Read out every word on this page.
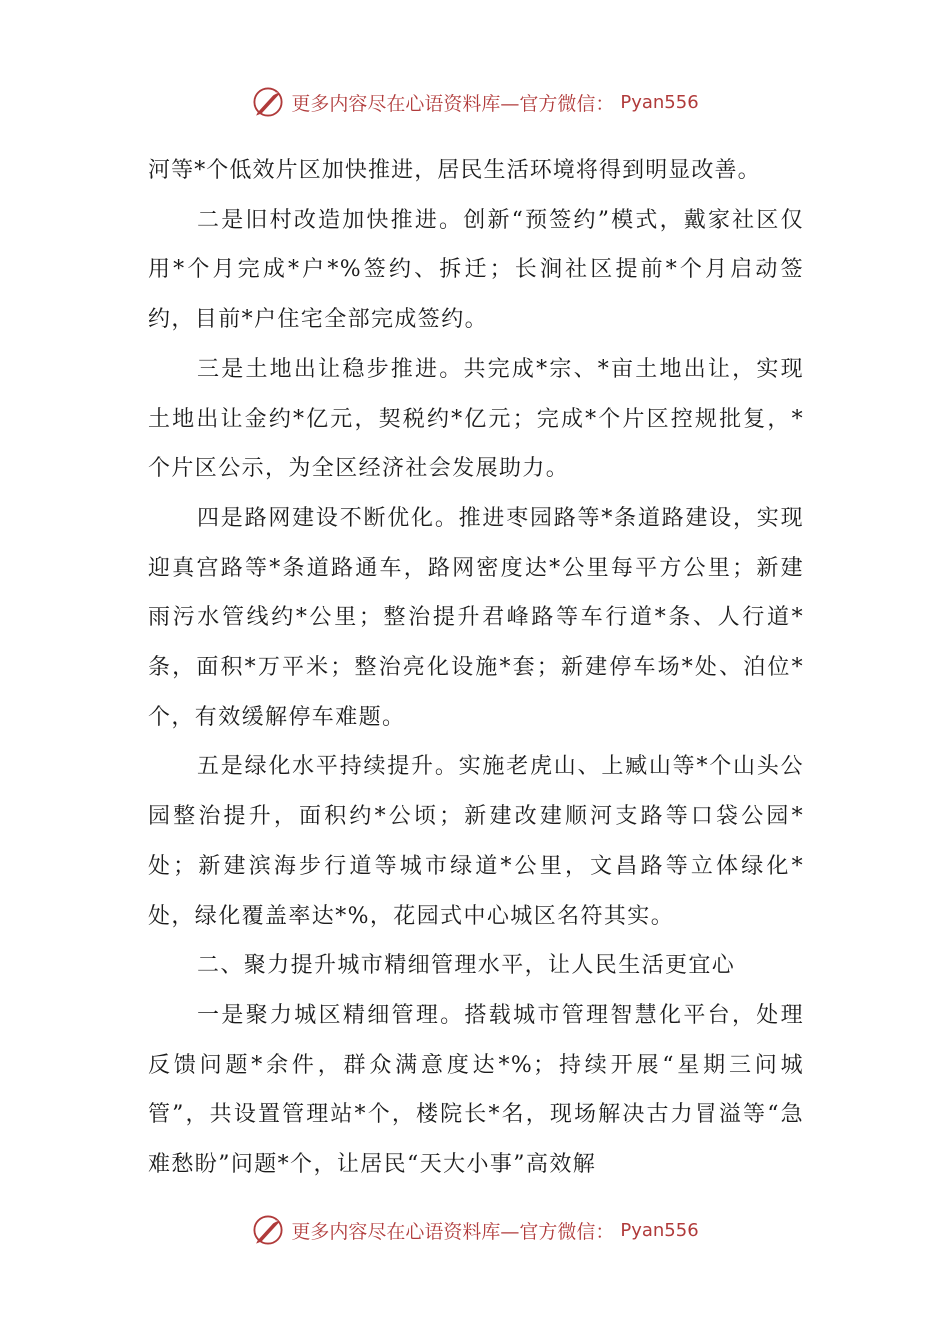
更多内容尽在心语资料库—官方微信： Pyan556

河等*个低效片区加快推进，居民生活环境将得到明显改善。

二是旧村改造加快推进。创新“预签约”模式，戴家社区仅用*个月完成*户*%签约、拆迁；长涧社区提前*个月启动签约，目前*户住宅全部完成签约。

三是土地出让稳步推进。共完成*宗、*亩土地出让，实现土地出让金约*亿元，契税约*亿元；完成*个片区控规批复，*个片区公示，为全区经济社会发展助力。

四是路网建设不断优化。推进枣园路等*条道路建设，实现迎真宫路等*条道路通车，路网密度达*公里每平方公里；新建雨污水管线约*公里；整治提升君峰路等车行道*条、人行道*条，面积*万平米；整治亮化设施*套；新建停车场*处、泊位*个，有效缓解停车难题。

五是绿化水平持续提升。实施老虎山、上臧山等*个山头公园整治提升，面积约*公顷；新建改建顺河支路等口袋公园*处；新建滨海步行道等城市绿道*公里，文昌路等立体绿化*处，绿化覆盖率达*%，花园式中心城区名符其实。

二、聚力提升城市精细管理水平，让人民生活更宜心

一是聚力城区精细管理。搭载城市管理智慧化平台，处理反馈问题*余件，群众满意度达*%；持续开展“星期三问城管”，共设置管理站*个，楼院长*名，现场解决古力冒溢等“急难愁盼”问题*个，让居民“天大小事”高效解

更多内容尽在心语资料库—官方微信： Pyan556
